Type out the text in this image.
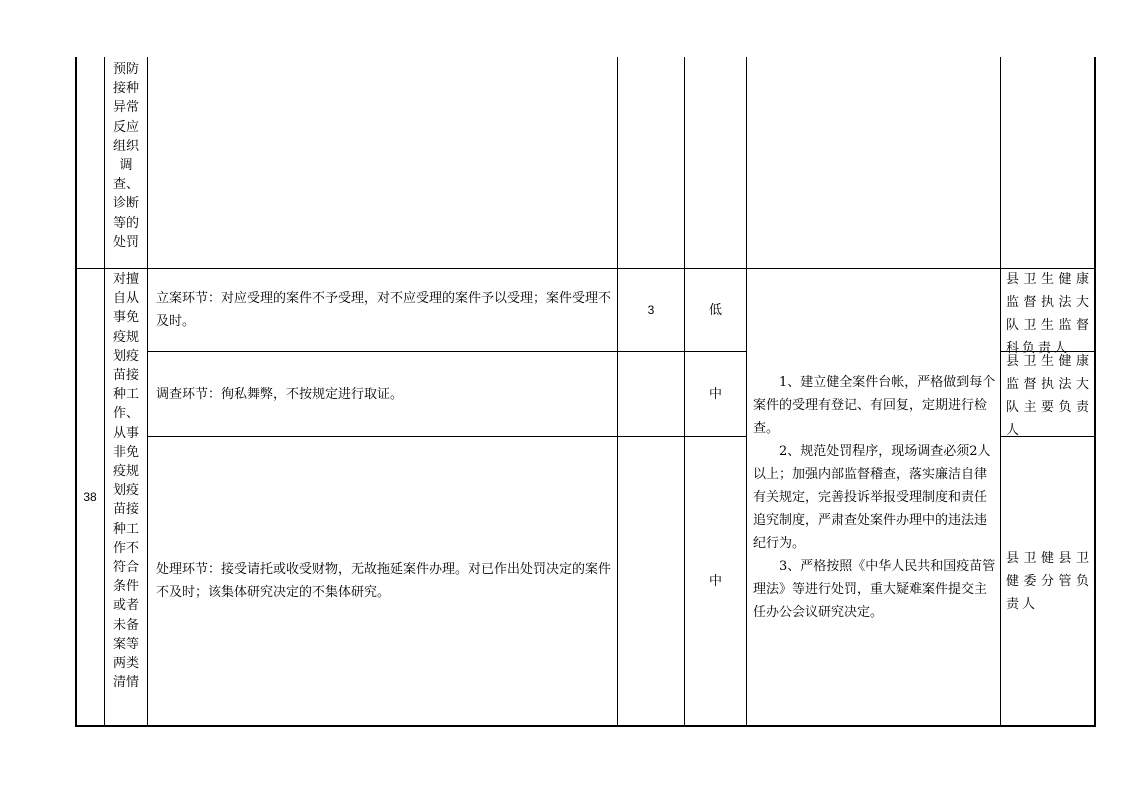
预防
接种
异常
反应
组织
调
查、
诊断
等的
处罚
38
对擅
自从
事免
疫规
划疫
苗接
种工
作、
从事
非免
疫规
划疫
苗接
种工
作不
符合
条件
或者
未备
案等
两类
清情
立案环节：对应受理的案件不予受理，对不应受理的案件予以受理；案件受理不及时。
3	低
县卫生健康监督执法大队卫生监督科负责人
调查环节：徇私舞弊，不按规定进行取证。	中
县卫生健康监督执法大队主要负责人
处理环节：接受请托或收受财物，无故拖延案件办理。对已作出处罚决定的案件不及时；该集体研究决定的不集体研究。
中
县卫健县卫健委分管负责人

1、建立健全案件台帐，严格做到每个案件的受理有登记、有回复，定期进行检查。

2、规范处罚程序，现场调查必须2人以上；加强内部监督稽查，落实廉洁自律有关规定，完善投诉举报受理制度和责任追究制度，严肃查处案件办理中的违法违纪行为。

3、严格按照《中华人民共和国疫苗管理法》等进行处罚，重大疑难案件提交主任办公会议研究决定。
